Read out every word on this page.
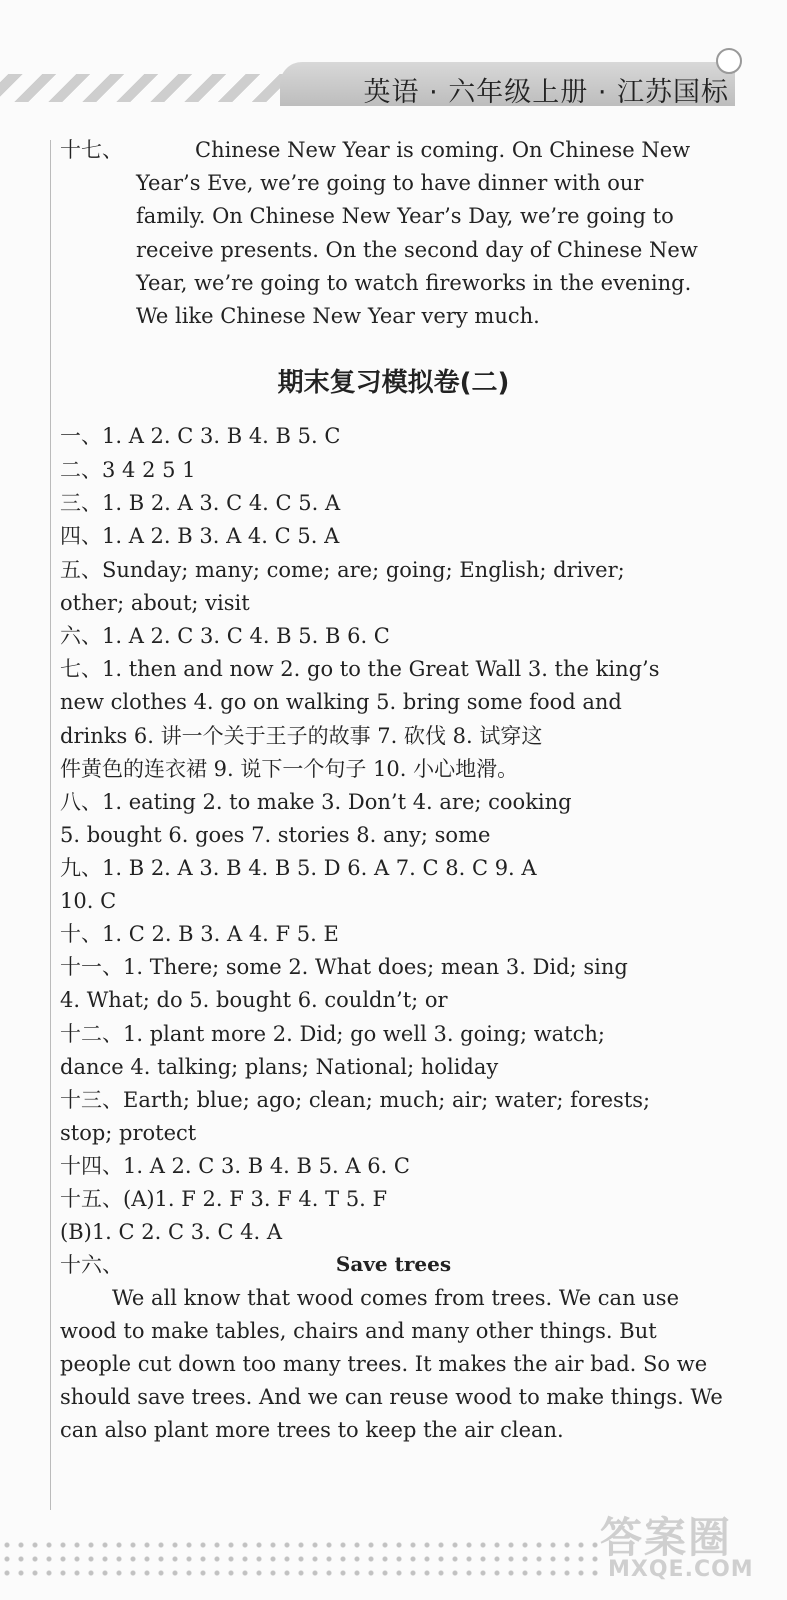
英语 · 六年级上册 · 江苏国标
十七、	Chinese New Year is coming. On Chinese New
Year’s Eve, we’re going to have dinner with our
family. On Chinese New Year’s Day, we’re going to
receive presents. On the second day of Chinese New
Year, we’re going to watch fireworks in the evening.
We like Chinese New Year very much.
期末复习模拟卷(二)
一、1. A 2. C 3. B 4. B 5. C
二、3 4 2 5 1
三、1. B 2. A 3. C 4. C 5. A
四、1. A 2. B 3. A 4. C 5. A
五、Sunday; many; come; are; going; English; driver;
other; about; visit
六、1. A 2. C 3. C 4. B 5. B 6. C
七、1. then and now 2. go to the Great Wall 3. the king’s
new clothes 4. go on walking 5. bring some food and
drinks 6. 讲一个关于王子的故事 7. 砍伐 8. 试穿这
件黄色的连衣裙 9. 说下一个句子 10. 小心地滑。
八、1. eating 2. to make 3. Don’t 4. are; cooking
5. bought 6. goes 7. stories 8. any; some
九、1. B 2. A 3. B 4. B 5. D 6. A 7. C 8. C 9. A
10. C
十、1. C 2. B 3. A 4. F 5. E
十一、1. There; some 2. What does; mean 3. Did; sing
4. What; do 5. bought 6. couldn’t; or
十二、1. plant more 2. Did; go well 3. going; watch;
dance 4. talking; plans; National; holiday
十三、Earth; blue; ago; clean; much; air; water; forests;
stop; protect
十四、1. A 2. C 3. B 4. B 5. A 6. C
十五、(A)1. F 2. F 3. F 4. T 5. F
(B)1. C 2. C 3. C 4. A
十六、	Save trees
We all know that wood comes from trees. We can use
wood to make tables, chairs and many other things. But
people cut down too many trees. It makes the air bad. So we
should save trees. And we can reuse wood to make things. We
can also plant more trees to keep the air clean.
答案圈
MXQE.COM
